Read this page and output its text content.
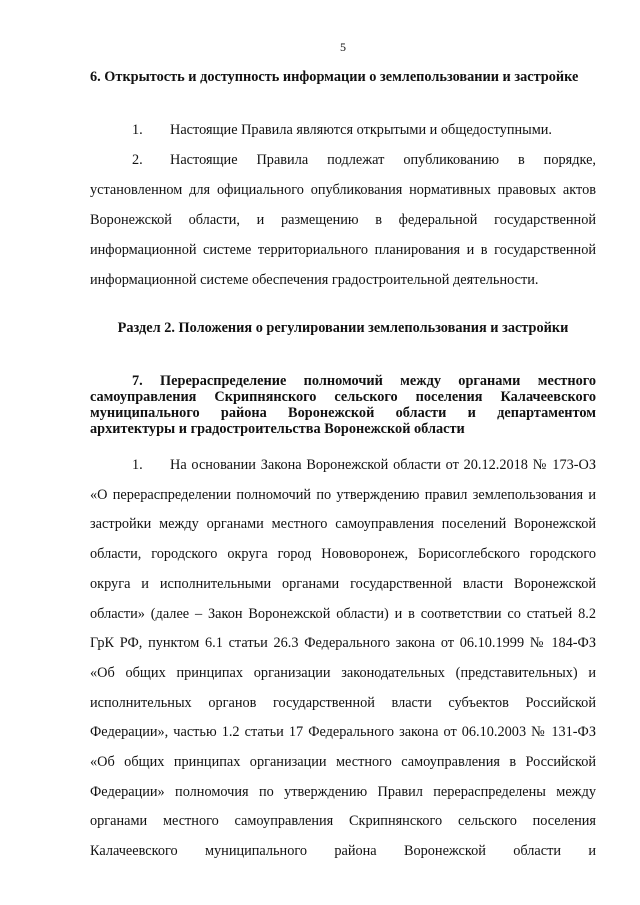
5
6. Открытость и доступность информации о землепользовании и застройке
1. Настоящие Правила являются открытыми и общедоступными.
2. Настоящие Правила подлежат опубликованию в порядке, установленном для официального опубликования нормативных правовых актов Воронежской области, и размещению в федеральной государственной информационной системе территориального планирования и в государственной информационной системе обеспечения градостроительной деятельности.
Раздел 2. Положения о регулировании землепользования и застройки
7. Перераспределение полномочий между органами местного самоуправления Скрипнянского сельского поселения Калачеевского муниципального района Воронежской области и департаментом архитектуры и градостроительства Воронежской области
1. На основании Закона Воронежской области от 20.12.2018 № 173-ОЗ «О перераспределении полномочий по утверждению правил землепользования и застройки между органами местного самоуправления поселений Воронежской области, городского округа город Нововоронеж, Борисоглебского городского округа и исполнительными органами государственной власти Воронежской области» (далее – Закон Воронежской области) и в соответствии со статьей 8.2 ГрК РФ, пунктом 6.1 статьи 26.3 Федерального закона от 06.10.1999 № 184-ФЗ «Об общих принципах организации законодательных (представительных) и исполнительных органов государственной власти субъектов Российской Федерации», частью 1.2 статьи 17 Федерального закона от 06.10.2003 № 131-ФЗ «Об общих принципах организации местного самоуправления в Российской Федерации» полномочия по утверждению Правил перераспределены между органами местного самоуправления Скрипнянского сельского поселения Калачеевского муниципального района Воронежской области и
